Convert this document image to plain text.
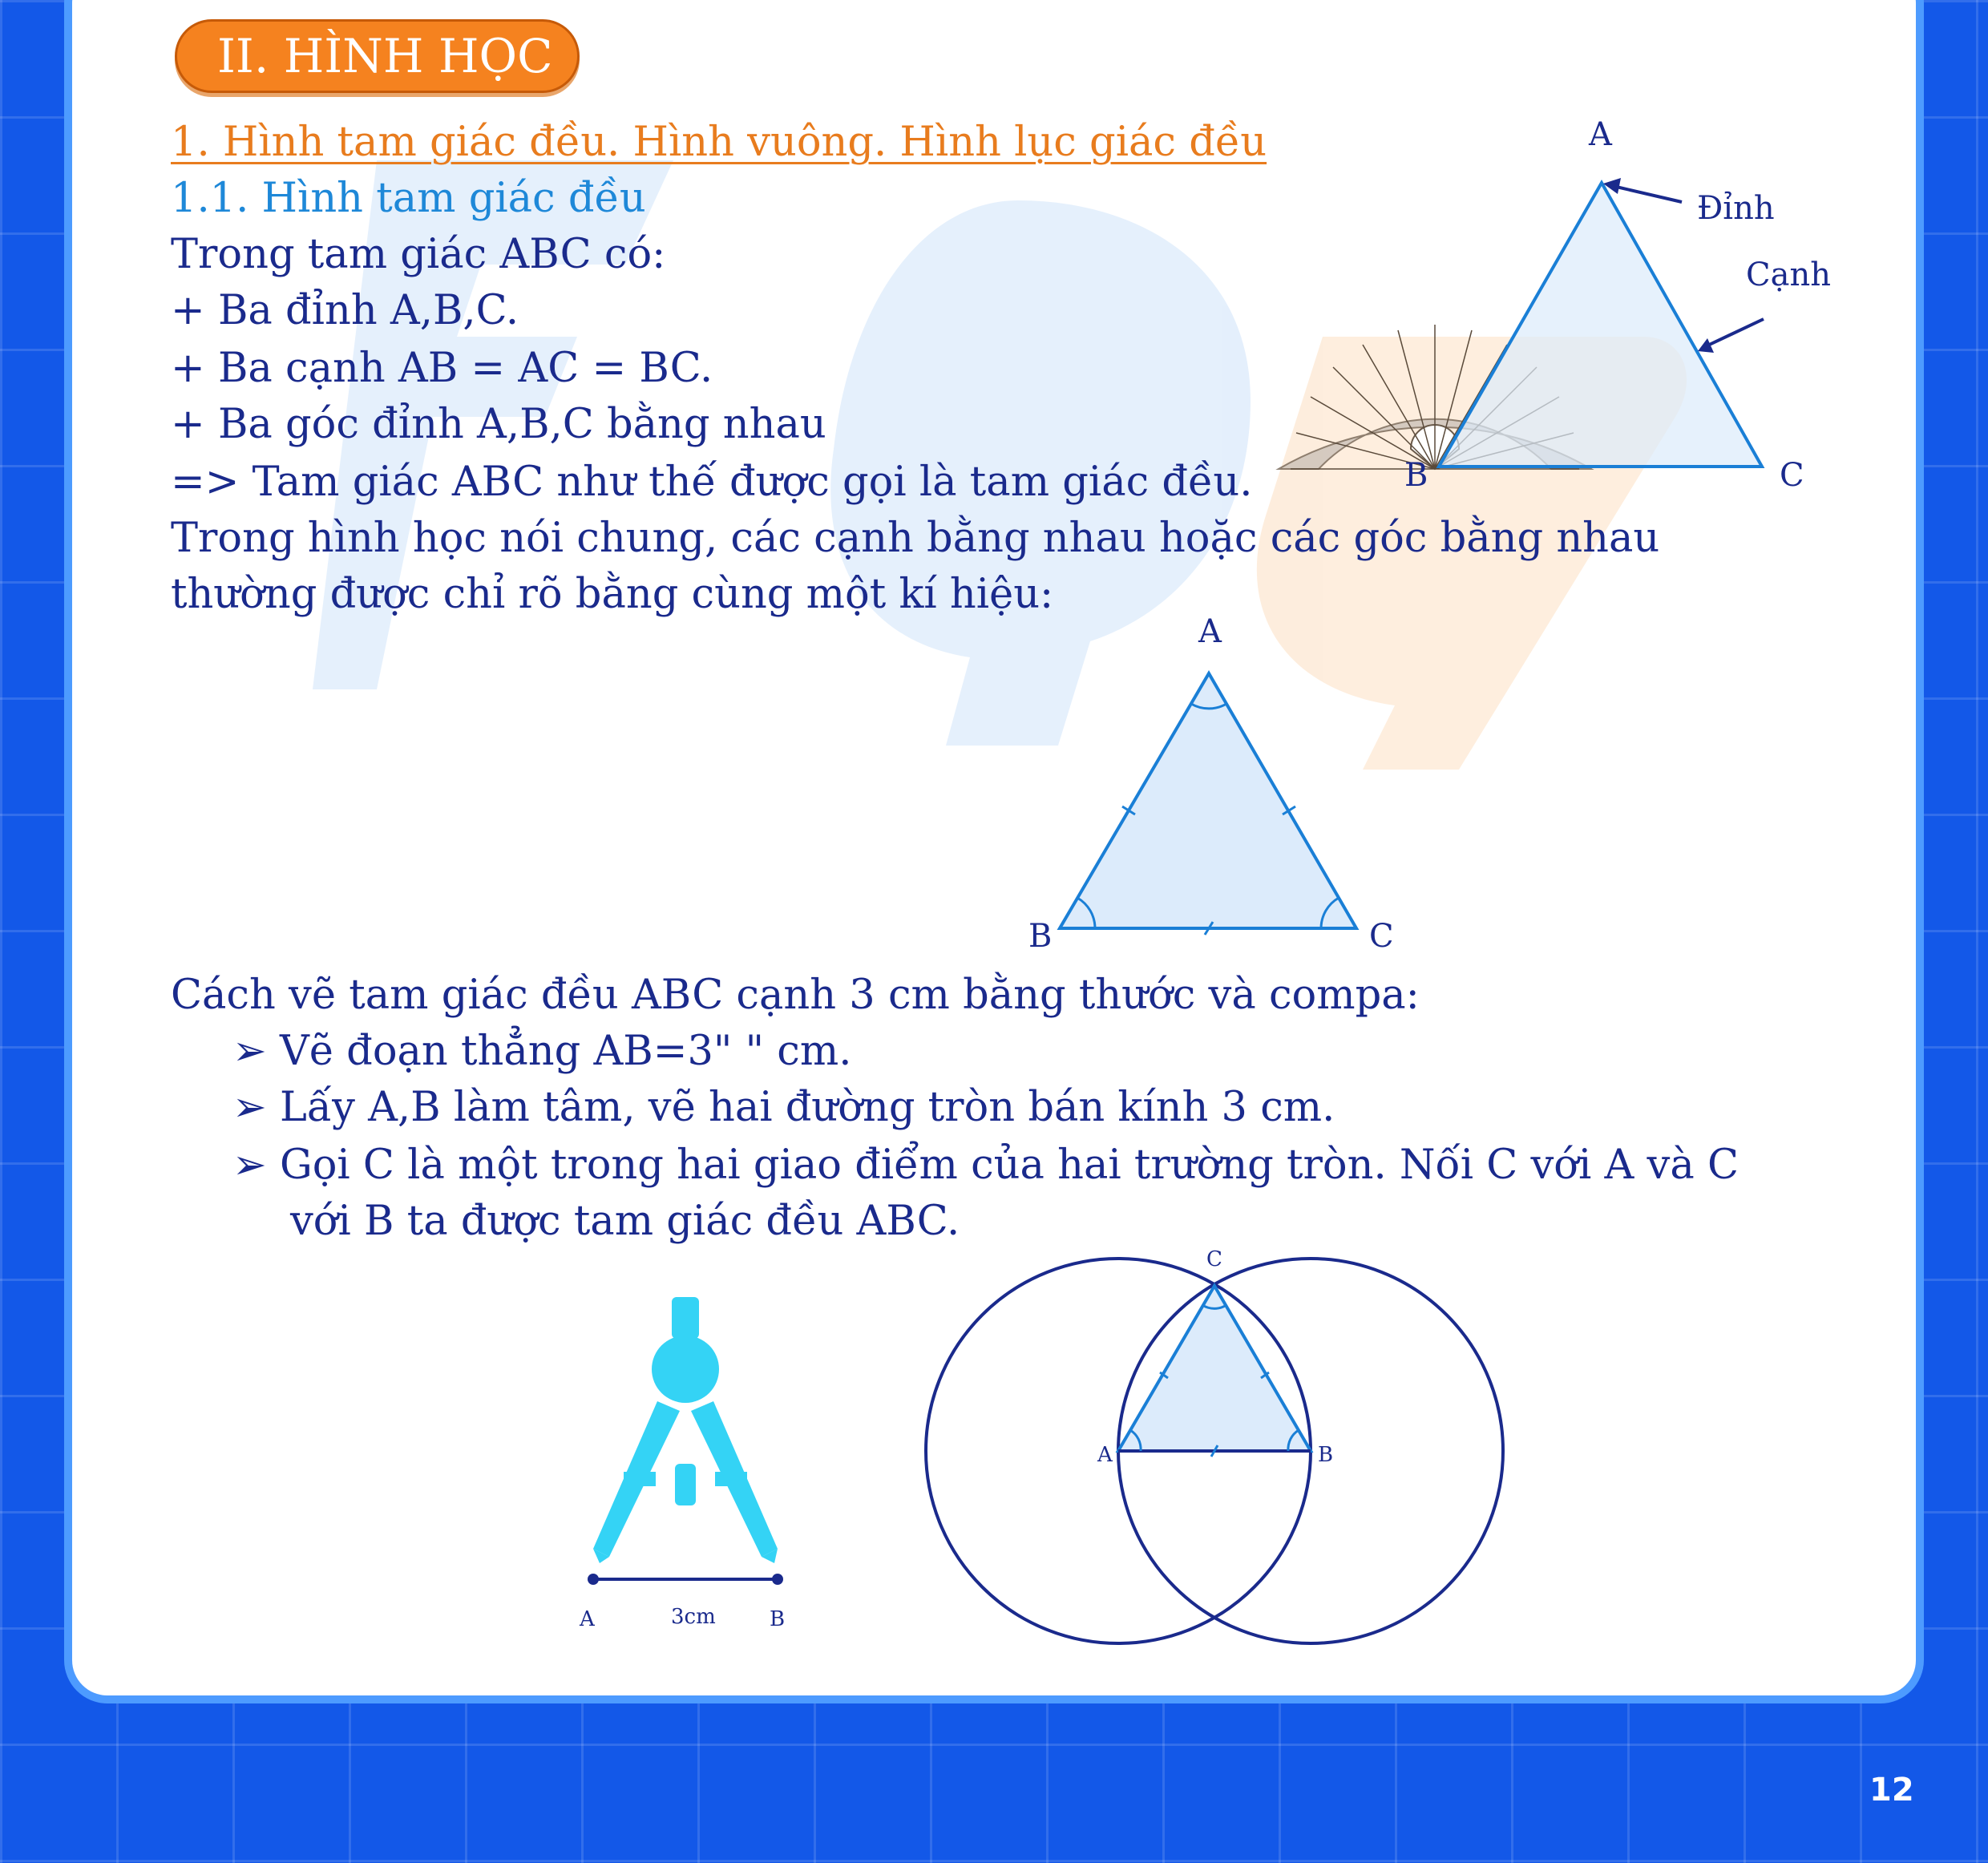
II. HÌNH HỌC
1. Hình tam giác đều. Hình vuông. Hình lục giác đều
1.1. Hình tam giác đều
Trong tam giác ABC có:
+ Ba đỉnh A,B,C.
+ Ba cạnh AB = AC = BC.
+ Ba góc đỉnh A,B,C bằng nhau
=> Tam giác ABC như thế được gọi là tam giác đều.
Trong hình học nói chung, các cạnh bằng nhau hoặc các góc bằng nhau
thường được chỉ rõ bằng cùng một kí hiệu:
A
B	C
Đỉnh
Cạnh
A
B	C
Cách vẽ tam giác đều ABC cạnh 3 cm bằng thước và compa:
➢ Vẽ đoạn thẳng AB=3" " cm.
➢ Lấy A,B làm tâm, vẽ hai đường tròn bán kính 3 cm.
➢ Gọi C là một trong hai giao điểm của hai trường tròn. Nối C với A và C
với B ta được tam giác đều ABC.
A	3cm	B
C
A	B
12
